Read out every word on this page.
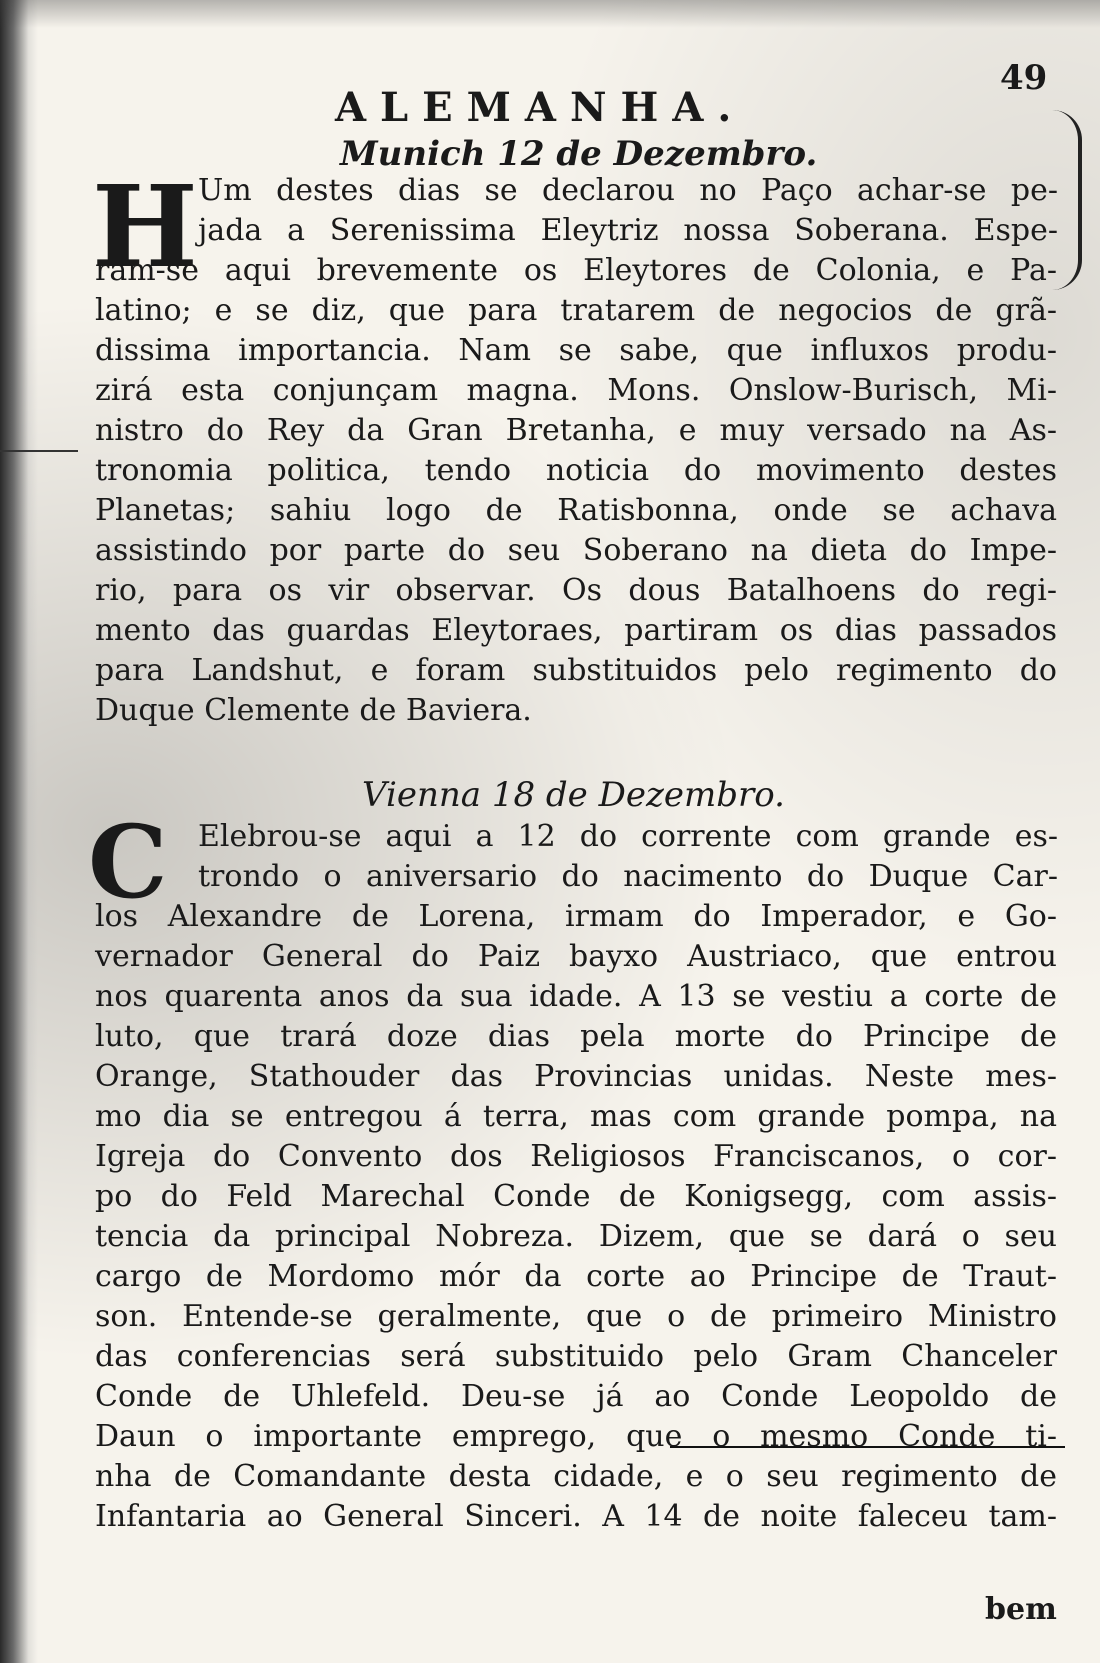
49
ALEMANHA.
Munich 12 de Dezembro.
H Um destes dias se declarou no Paço achar-se pe-
jada a Serenissima Eleytriz nossa Soberana. Espe-
ram-se aqui brevemente os Eleytores de Colonia, e Pa-
latino; e se diz, que para tratarem de negocios de grã-
dissima importancia. Nam se sabe, que influxos produ-
zirá esta conjunçam magna. Mons. Onslow-Burisch, Mi-
nistro do Rey da Gran Bretanha, e muy versado na As-
tronomia politica, tendo noticia do movimento destes
Planetas; sahiu logo de Ratisbonna, onde se achava
assistindo por parte do seu Soberano na dieta do Impe-
rio, para os vir observar. Os dous Batalhoens do regi-
mento das guardas Eleytoraes, partiram os dias passados
para Landshut, e foram substituidos pelo regimento do
Duque Clemente de Baviera.
Vienna 18 de Dezembro.
C Elebrou-se aqui a 12 do corrente com grande es-
trondo o aniversario do nacimento do Duque Car-
los Alexandre de Lorena, irmam do Imperador, e Go-
vernador General do Paiz bayxo Austriaco, que entrou
nos quarenta anos da sua idade. A 13 se vestiu a corte de
luto, que trará doze dias pela morte do Principe de
Orange, Stathouder das Provincias unidas. Neste mes-
mo dia se entregou á terra, mas com grande pompa, na
Igreja do Convento dos Religiosos Franciscanos, o cor-
po do Feld Marechal Conde de Konigsegg, com assis-
tencia da principal Nobreza. Dizem, que se dará o seu
cargo de Mordomo mór da corte ao Principe de Traut-
son. Entende-se geralmente, que o de primeiro Ministro
das conferencias será substituido pelo Gram Chanceler
Conde de Uhlefeld. Deu-se já ao Conde Leopoldo de
Daun o importante emprego, que o mesmo Conde ti-
nha de Comandante desta cidade, e o seu regimento de
Infantaria ao General Sinceri. A 14 de noite faleceu tam-
bem
